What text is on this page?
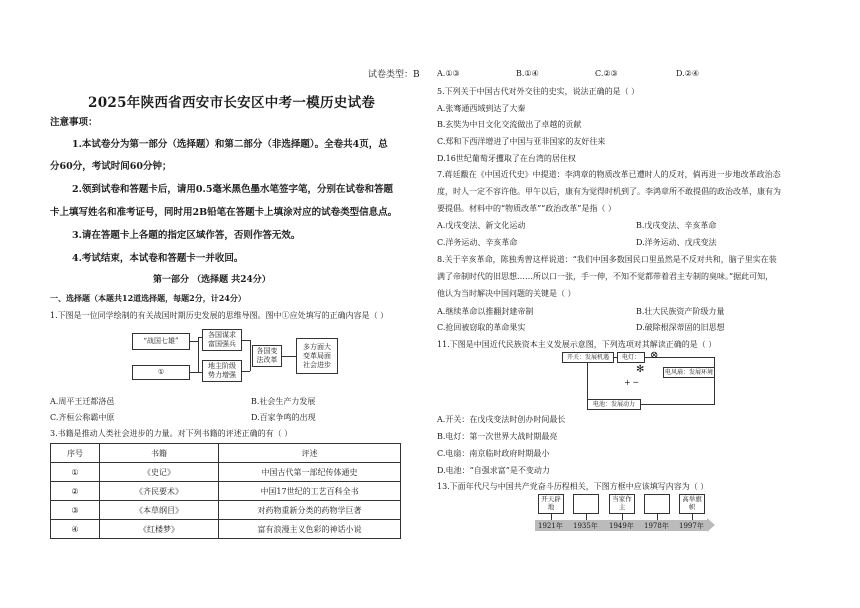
试卷类型：B
2025年陕西省西安市长安区中考一模历史试卷
注意事项：
1.本试卷分为第一部分（选择题）和第二部分（非选择题）。全卷共4页，总
分60分，考试时间60分钟；
2.领到试卷和答题卡后，请用0.5毫米黑色墨水笔签字笔，分别在试卷和答题
卡上填写姓名和准考证号，同时用2B铅笔在答题卡上填涂对应的试卷类型信息点。
3.请在答题卡上各题的指定区域作答，否则作答无效。
4.考试结束，本试卷和答题卡一并收回。
第一部分 （选择题 共24分）
一、选择题（本题共12道选择题，每题2分，计24分）
1.下图是一位同学绘制的有关战国时期历史发展的思维导图。图中①应处填写的正确内容是（ ）
“战国七雄”
①
各国谋求
富国强兵
地主阶级
势力增强
各国变
法改革
多方面大
变革局面
社会进步
A.周平王迁都洛邑	B.社会生产力发展
C.齐桓公称霸中原	D.百家争鸣的出现
3.书籍是推动人类社会进步的力量。对下列书籍的评述正确的有（ ）
序号	书籍	评述
①	《史记》	中国古代第一部纪传体通史
②	《齐民要术》	中国17世纪的工艺百科全书
③	《本草纲目》	对药物重新分类的药物学巨著
④	《红楼梦》	富有浪漫主义色彩的神话小说
A.①③	B.①④	C.②③	D.②④
5.下列关于中国古代对外交往的史实，说法正确的是（ ）
A.张骞通西域到达了大秦
B.玄奘为中日文化交流做出了卓越的贡献
C.郑和下西洋增进了中国与亚非国家的友好往来
D.16世纪葡萄牙攫取了在台湾的居住权
7.蒋廷黻在《中国近代史》中提道：李鸿章的物质改革已遭时人的反对，倘再进一步地改革政治态
度，时人一定不容许他。甲午以后，康有为觉得时机到了。李鸿章所不敢提倡的政治改革，康有为
要提倡。材料中的“物质改革”“政治改革”是指（ ）
A.戊戌变法、新文化运动	B.戊戌变法、辛亥革命
C.洋务运动、辛亥革命	D.洋务运动、戊戌变法
8.关于辛亥革命，陈独秀曾这样说道：“我们中国多数国民口里虽然是不反对共和，脑子里实在装
满了帝制时代的旧思想……所以口一张，手一伸，不知不觉都带着君主专制的臭味。”据此可知，
他认为当时解决中国问题的关键是（ ）
A.继续革命以推翻封建帝制	B.壮大民族资产阶级力量
C.抢回被窃取的革命果实	D.破除根深蒂固的旧思想
11.下图是中国近代民族资本主义发展示意图，下列选项对其解读正确的是（ ）
开关：发展机遇 电灯： ⊗
电风扇：发展环境
✻
+ ─
电池：发展动力
A.开关：在戊戌变法时创办时间最长
B.电灯：第一次世界大战时期最亮
C.电扇：南京临时政府时期最小
D.电池：“自强求富”是不变动力
13.下面年代尺与中国共产党奋斗历程相关，下图方框中应该填写内容为（ ）
开天辟地
当家作主
高举旗帜
1921年 1935年 1949年 1978年 1997年
